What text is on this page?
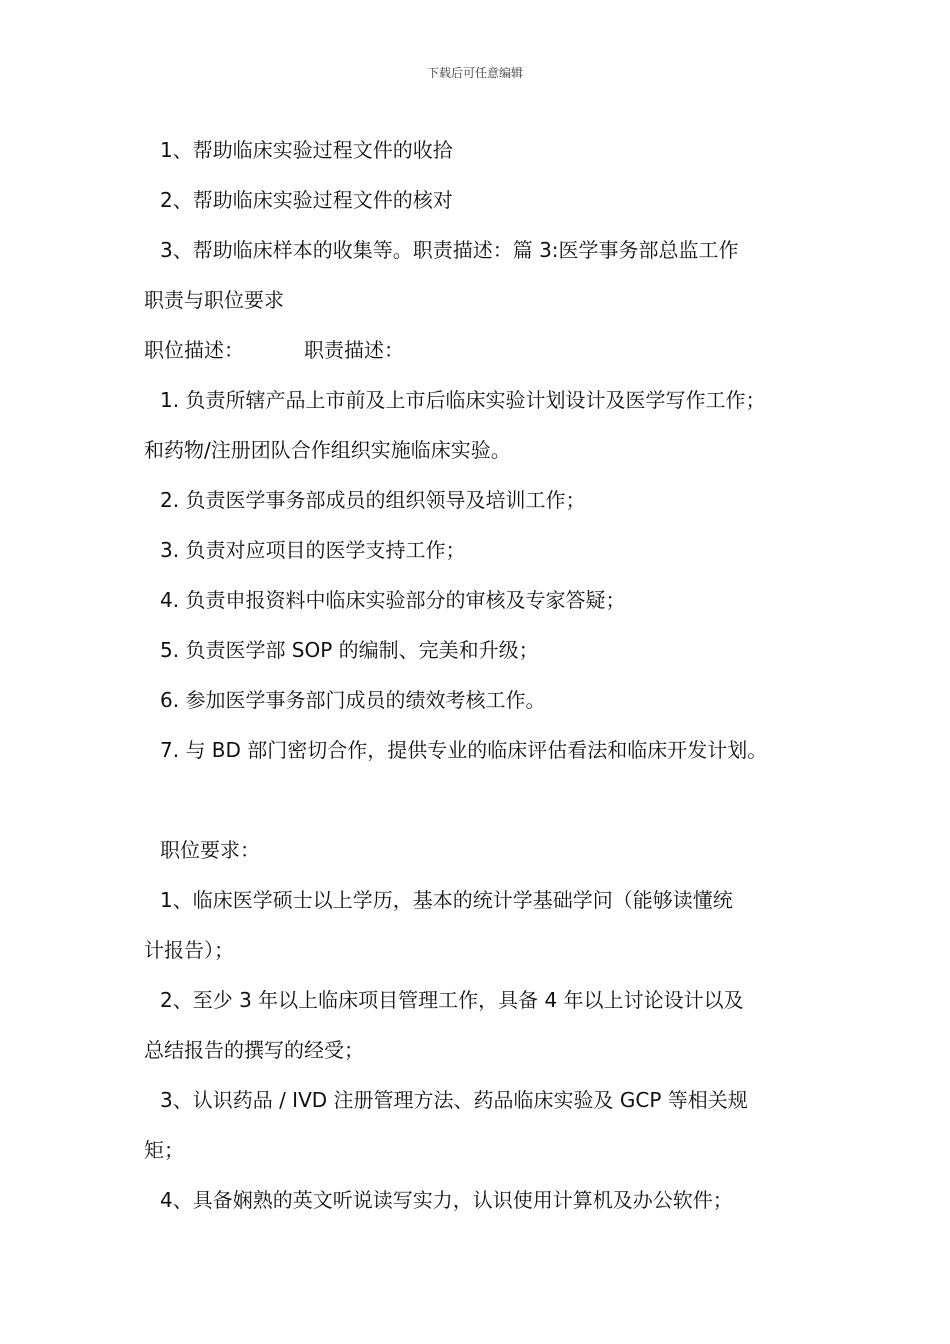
下载后可任意编辑
1、帮助临床实验过程文件的收拾
2、帮助临床实验过程文件的核对
3、帮助临床样本的收集等。职责描述：篇 3:医学事务部总监工作
职责与职位要求
职位描述：	职责描述：
1. 负责所辖产品上市前及上市后临床实验计划设计及医学写作工作；
和药物/注册团队合作组织实施临床实验。
2. 负责医学事务部成员的组织领导及培训工作；
3. 负责对应项目的医学支持工作；
4. 负责申报资料中临床实验部分的审核及专家答疑；
5. 负责医学部 SOP 的编制、完美和升级；
6. 参加医学事务部门成员的绩效考核工作。
7. 与 BD 部门密切合作，提供专业的临床评估看法和临床开发计划。
职位要求：
1、临床医学硕士以上学历，基本的统计学基础学问（能够读懂统
计报告）；
2、至少 3 年以上临床项目管理工作，具备 4 年以上讨论设计以及
总结报告的撰写的经受；
3、认识药品 / IVD 注册管理方法、药品临床实验及 GCP 等相关规
矩；
4、具备娴熟的英文听说读写实力，认识使用计算机及办公软件；
